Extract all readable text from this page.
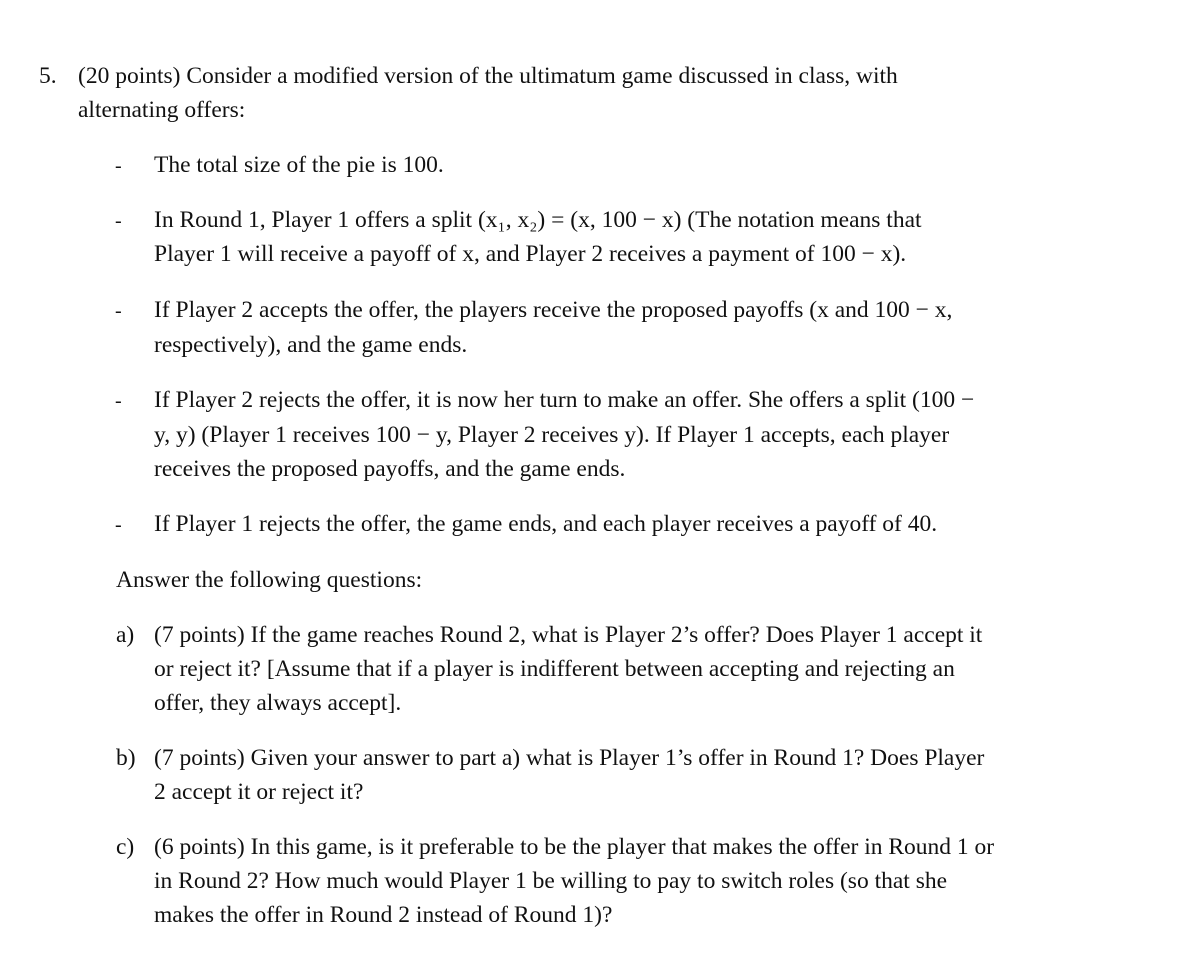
5. (20 points) Consider a modified version of the ultimatum game discussed in class, with
alternating offers:
- The total size of the pie is 100.
- In Round 1, Player 1 offers a split (x₁, x₂) = (x, 100 − x) (The notation means that
Player 1 will receive a payoff of x, and Player 2 receives a payment of 100 − x).
- If Player 2 accepts the offer, the players receive the proposed payoffs (x and 100 − x,
respectively), and the game ends.
- If Player 2 rejects the offer, it is now her turn to make an offer. She offers a split (100 −
y, y) (Player 1 receives 100 − y, Player 2 receives y). If Player 1 accepts, each player
receives the proposed payoffs, and the game ends.
- If Player 1 rejects the offer, the game ends, and each player receives a payoff of 40.
Answer the following questions:
a) (7 points) If the game reaches Round 2, what is Player 2’s offer? Does Player 1 accept it
or reject it? [Assume that if a player is indifferent between accepting and rejecting an
offer, they always accept].
b) (7 points) Given your answer to part a) what is Player 1’s offer in Round 1? Does Player
2 accept it or reject it?
c) (6 points) In this game, is it preferable to be the player that makes the offer in Round 1 or
in Round 2? How much would Player 1 be willing to pay to switch roles (so that she
makes the offer in Round 2 instead of Round 1)?
